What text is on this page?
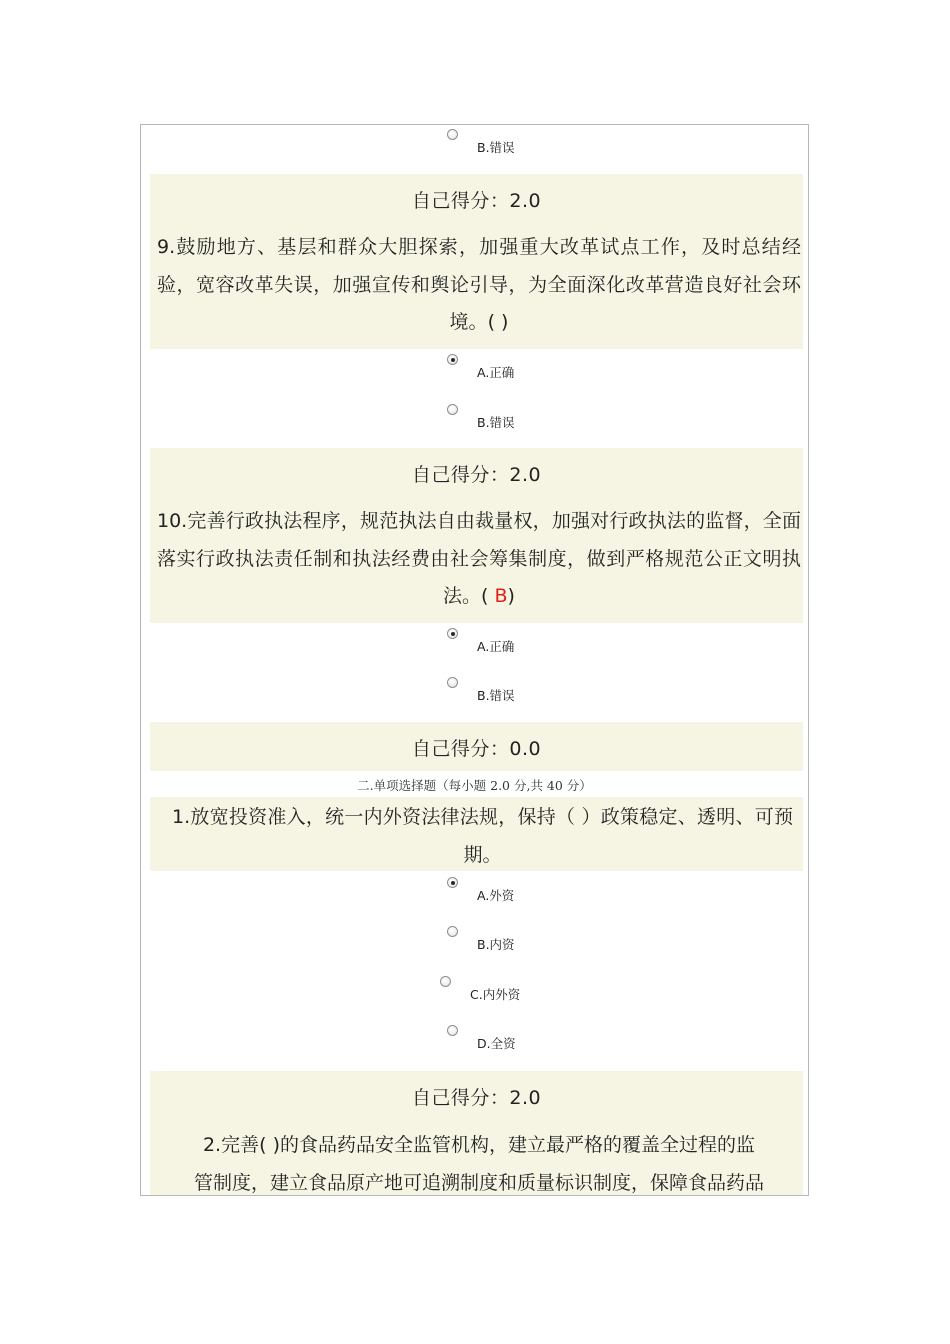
B.错误
自己得分：2.0
9.鼓励地方、基层和群众大胆探索，加强重大改革试点工作，及时总结经验，宽容改革失误，加强宣传和舆论引导，为全面深化改革营造良好社会环境。( )
A.正确
B.错误
自己得分：2.0
10.完善行政执法程序，规范执法自由裁量权，加强对行政执法的监督，全面落实行政执法责任制和执法经费由社会筹集制度，做到严格规范公正文明执法。( B)
A.正确
B.错误
自己得分：0.0
二.单项选择题（每小题 2.0 分,共 40 分）
1.放宽投资准入，统一内外资法律法规，保持（ ）政策稳定、透明、可预期。
A.外资
B.内资
C.内外资
D.全资
自己得分：2.0
2.完善( )的食品药品安全监管机构，建立最严格的覆盖全过程的监
管制度，建立食品原产地可追溯制度和质量标识制度，保障食品药品
